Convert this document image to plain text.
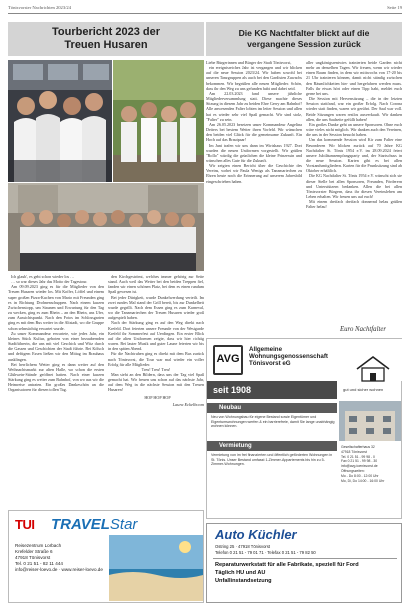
Tönisvorster Nachrichten 2023/24	Seite 19
Tourbericht 2023 der
Treuen Husaren

Ich glaub', es geht schon wieder los …

… so war dieses Jahr das Motto der Tagestour.

Am 09.09.2023 ging es für die Mitglieder von den Treuen Husaren wieder los. Mit Koffer, Löffel und einem super großen Pizza-Kuchen von Mario mit Freunden ging es in Richtung Drohnenschuppen. Nach einem kurzen Zwischenstopp, um Staunen und Erwartung für den Tag zu wecken, ging es zum Rhein – an den Rhein, ans Ufer, zum Aussichtspunkt. Nach den Fotos im Schlossgarten ging es mit dem Bus weiter in die Altstadt, wo die Gruppe schon sehnsüchtig erwartet wurde.

Zu unser Kommandeur erwartete, wie jedes Jahr, ein kleines Stück Kultur, geboten von einer bezaubernden Stadtführerin, die uns mit viel Geschick und Witz durch die Gassen und Geschichten der Stadt führte. Bei Kölsch und deftigem Essen ließen wir den Mittag im Brauhaus ausklingen.

Bei herrlichem Wetter ging es dann weiter auf den Weihnachtsmarkt zur alten Halle, wo schon die ersten Glühwein-Stände geöffnet hatten. Nach einer kurzen Stärkung ging es weiter zum Bahnhof, von wo aus wir die Heimreise antraten. Ein großes Dankeschön an die Organisatoren für diesen tollen Tag.

den Kirchgeströmt, welches immer gehörig zur Seite stand. Auch weil das Wetter bei den beiden Treppen fiel, fanden wir einen schönen Platz, bei dem es einen rundum Spaß gewesen ist.

Bei jeder Dürigkeit, wurde Dunkelwerdung verteilt. Im zwei rundes Mal stand der Grill bereit, bis zur Dunkelheit wurde gegrillt. Nach dem Essen ging es zum Karneval, wo die Tanzmariechen der Treuen Husaren wieder groß aufgespielt haben.

Nach der Stärkung ging es auf den Weg direkt nach Krefeld. Dort feierten unsere Freunde von der Westgarde Krefeld ihr Sommerfest auf Uerdingen. Ein erster Blick auf die alten Uniformen zeigte, dass wir hier richtig waren. Bei lauter Musik und guter Laune feierten wir bis in den späten Abend.

Für die Nachtruhen ging es direkt mit dem Bus zurück nach Tönisvorst, die Tour war mal wieder ein voller Erfolg für alle Mitglieder.

Treu! Treu! Treu!

Man sieht an den Bildern, dass uns der Tag viel Spaß gemacht hat. Wir freuen uns schon auf das nächste Jahr, auf dem Weg in die nächste Session mit den Treuen Husaren!

HOP HOP HOP

Laura Eckelboom

TUI TRAVELStar
Reisezentrum Lorbach
Krefelder Straße 6
47918 Tönisvorst
Tel. 0 21 51 - 82 11 444
info@reiser-loevo.de · www.reiser-loevo.de
Die KG Nachtfalter blickt auf die
vergangene Session zurück

Liebe Bürgerinnen und Bürger der Stadt Tönisvorst,

ein ereignisreiches Jahr ist vergangen und wir blicken auf die neue Session 2023/24. Wir haben sowohl bei unseren Tanzgruppen als auch bei den Gardisten Zuwachs bekommen. Wir begrüßen alle neuen Mitglieder. Schön, dass ihr den Weg zu uns gefunden habt und dabei seid.

Am 22.03.2023 fand unsere jährliche Mitgliederversammlung statt. Diese machte dieses Sitzung in diesem Jahr zu beiden Ehre Gerry am Bahnhof! Alle anwesenden Falter lobten im leiter Session und allen hat es wieder sehr viel Spaß gemacht. Wir sind stolz, "Falter" zu sein.

Am 26.05.2023 besetzen unser Kommandeur Angelina Deiters bei bestem Wetter ihren Vorfeld. Wir wünschen den beiden viel Glück für die gemeinsame Zukunft. Ein Hoch auf das Brautpaar!

Im Juni trafen wir uns dann im Wirtshaus 1927. Dort wurden die neuen Uniformen vorgestellt. Wir grüßen "Rollo" würdig die grünlichen die kleine Prinzessin und wünschen alles Gute für die Zukunft.

Wir zeigten einen Bericht über die Geschichte des Vereins, wobei wir Paula Wenigs als Tanzmariechen zu Ehren heute noch die Erinnerung auf unserem Jahresbild eingeschrieben haben.

aller ungkönigsrentwies trainierten beide Garden nicht mehr an denselben Tagen. Wir freuen, wenn wir wieder einen Raum finden, in dem wir mittwochs von 17-20 bis 21 Uhr trainieren können, damit nicht ständig zwischen den Räumlichkeiten hin- und hergefahren werden muss. Falls ihr etwas hört oder einen Tipp habt, meldet euch gerne bei uns.

Die Session mit Hervensitzung – die in der letzten Session stattfand, war ein großer Erfolg. Nach Corona wieder statt finden, waren wir gerührt. Der Saal war voll. Beide Sitzungen waren restlos ausverkauft. Wir danken allen, die uns Saalseite gefüllt haben!

Ein großes Danke geht an unsere Sponsoren. Ohne euch wäre vieles nicht möglich. Wir danken auch den Vereinen, die uns in der Session besucht haben.

Um das kommende Session wird Kir zum Falter eine Besonderen Wir blicken zurück auf 70 Jahre KG Nachtfalter St. Tönis 1954 e.V. im 28.09.2024 feiert unsere Jubiläumsempfangsparty und, der Startschuss in die neue Session. Karten gibt es bei allen Vorstandsmitgliedern. Karten für die Prunksitzung sind ab Oktober erhältlich.

Die KG Nachtfalter St. Tönis 1954 e.V. wünscht sich sie dieser Stelle bei allen Sponsoren, Freunden, Förderern und Unterstützern bedanken. Allen die bei allen Tönisvorster Bürgern, dass ihr diesen Vereinsleben am Leben erhalten. Wir freuen uns auf euch!

Mit einem dreifach dreifach donnernd helau grüßen Falter helau!

Euro Nachtfalter
AVG
Allgemeine
Wohnungsgenossenschaft
Tönisvorst eG
seit 1908	gut und sicher wohnen
Neubau
Neu von Wohnungsbau für eigene Bestand sowie Eigentümer und Eigentumswohnungen werfen & ein barrierefreie, damit Sie lange unabhängig wohnen können.
Vermietung
Vermietung von im frei finanzierten und öffentlich geförderten Wohnungen in St. Tönis. Unser Bestand umfasst 1-Zimmer-Appartements bis hin zu 5-Zimmer-Wohnungen.
Gesellschafterhaus 32
47918 Tönisvorst
Tel. 0 21 51 - 99 98 - 0
Fax 0 21 51 - 99 98 - 30
info@avg-toenisvorst.de
Öffnungszeiten:
Mo - Do 8:00 - 12:00 Uhr
Mo, Di, Do 14:00 - 16:00 Uhr
Auto Küchler
Ostring 25 · 47918 Tönisvorst
Telefon 0 21 51 - 79 01 71 · Telefax 0 21 51 - 79 82 50
Reparaturwerkstatt für alle Fabrikate, speziell für Ford
Täglich HU und AU
Unfallinstandsetzung
